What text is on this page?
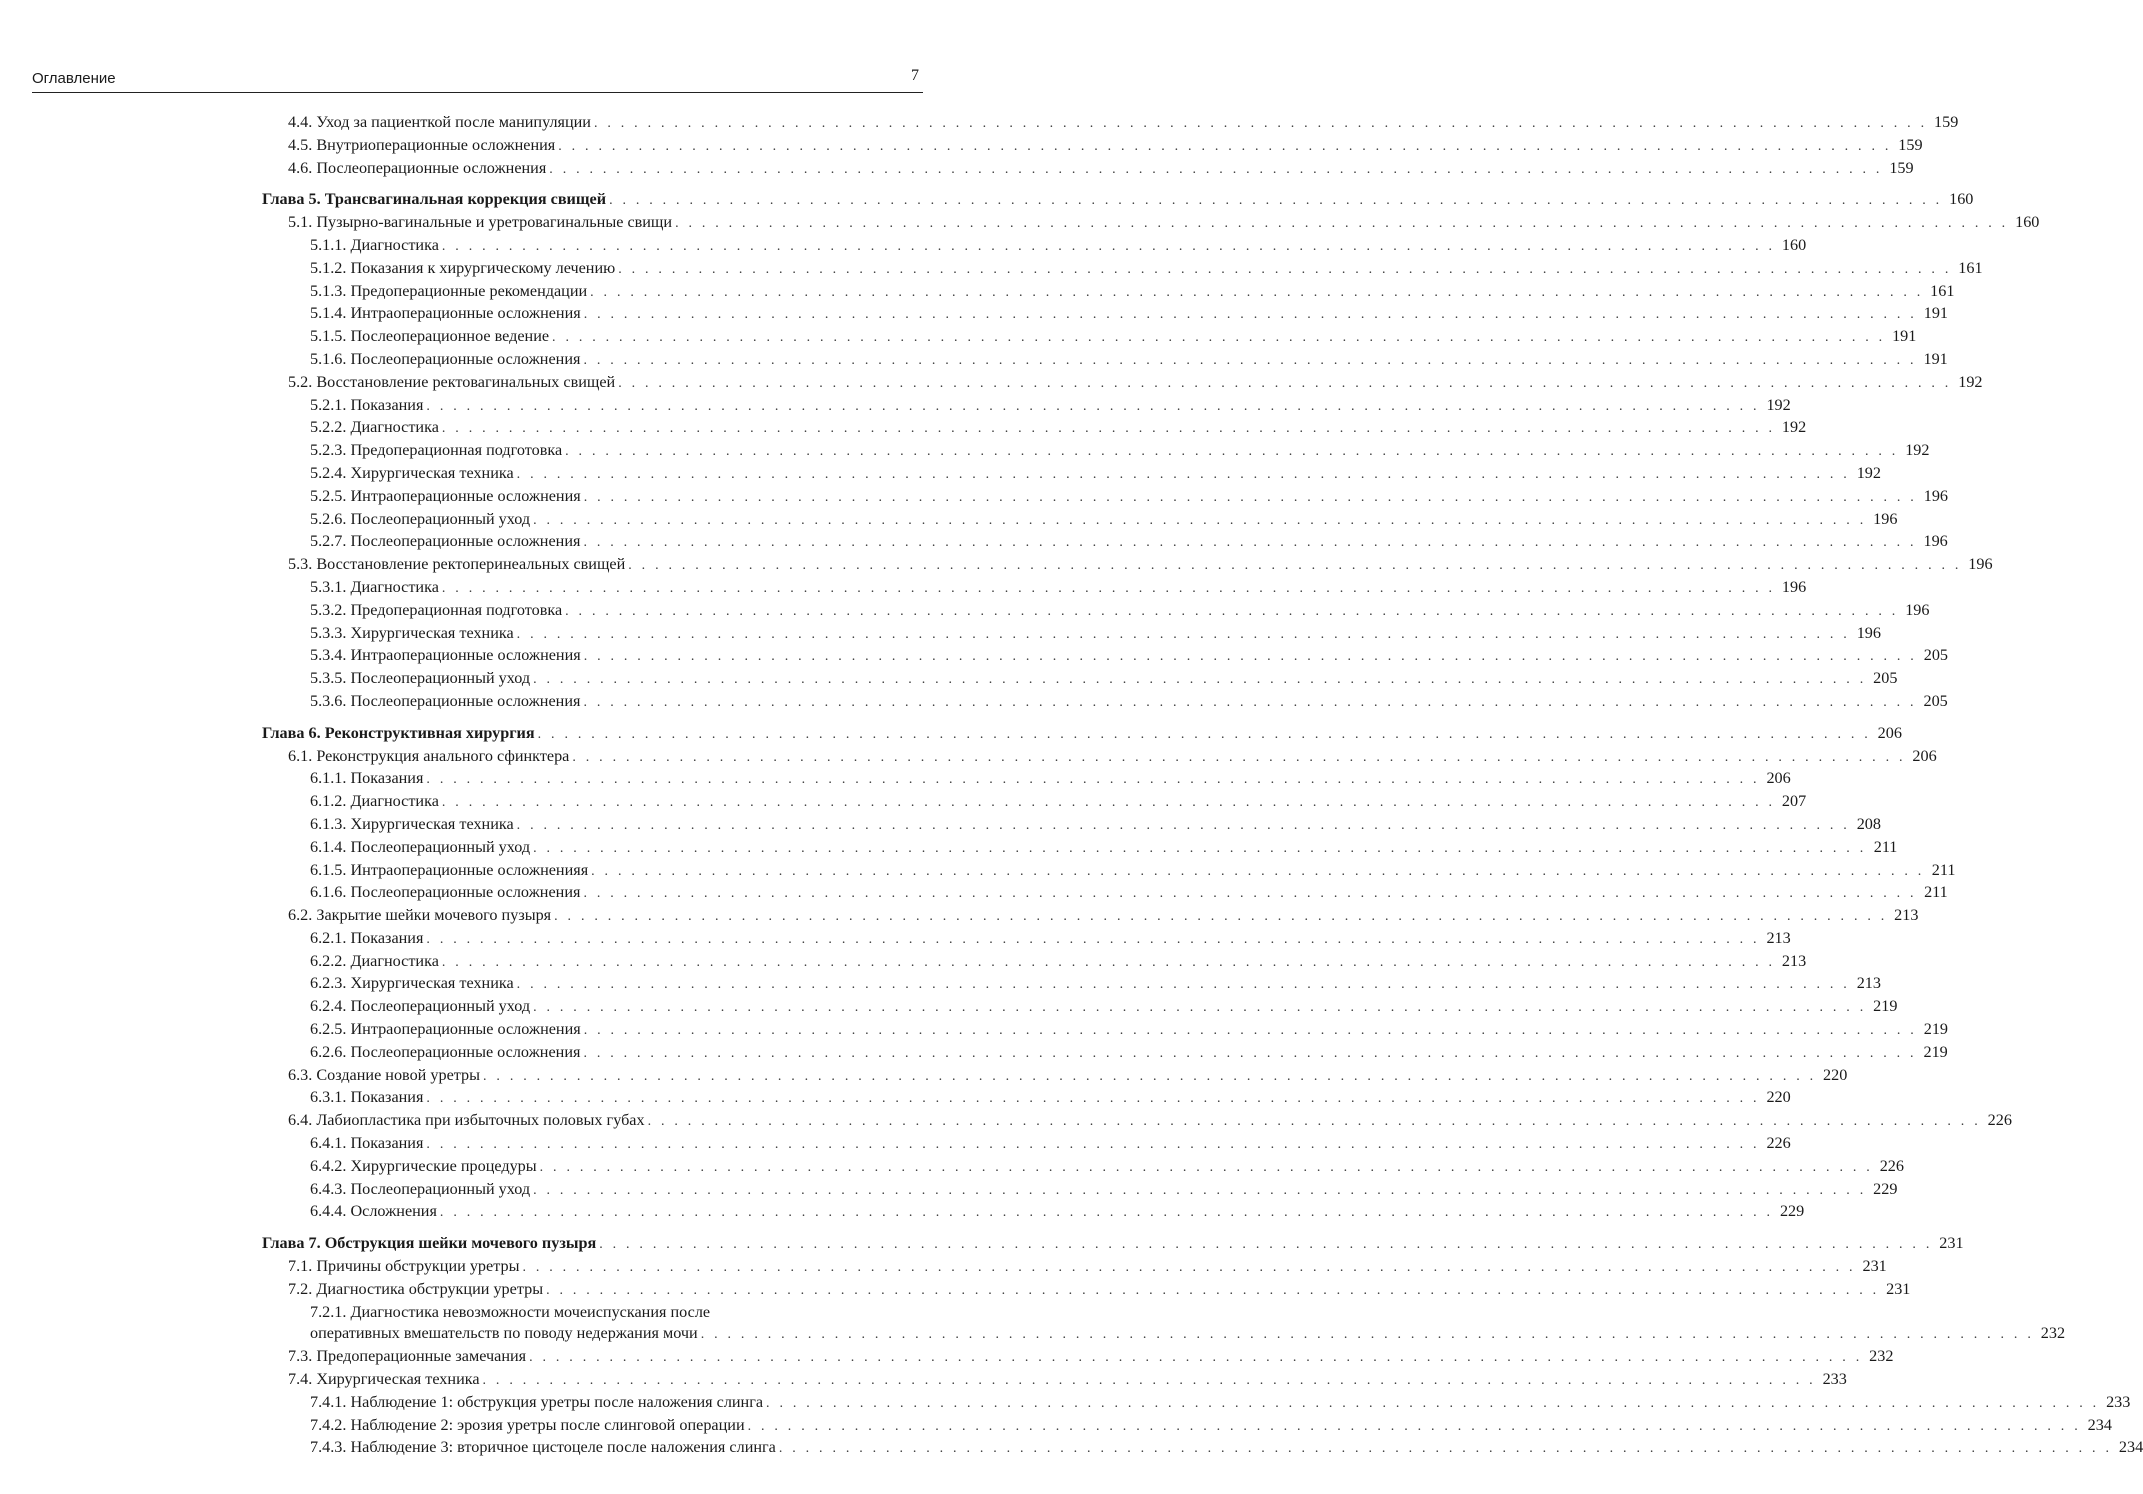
Оглавление	7
4.4. Уход за пациенткой после манипуляции . . .	159
4.5. Внутриоперационные осложнения . . .	159
4.6. Послеоперационные осложнения . . .	159
Глава 5. Трансвагинальная коррекция свищей . . .	160
5.1. Пузырно-вагинальные и уретровагинальные свищи . . .	160
5.1.1. Диагностика . . .	160
5.1.2. Показания к хирургическому лечению . . .	161
5.1.3. Предоперационные рекомендации . . .	161
5.1.4. Интраоперационные осложнения . . .	191
5.1.5. Послеоперационное ведение . . .	191
5.1.6. Послеоперационные осложнения . . .	191
5.2. Восстановление ректовагинальных свищей . . .	192
5.2.1. Показания . . .	192
5.2.2. Диагностика . . .	192
5.2.3. Предоперационная подготовка . . .	192
5.2.4. Хирургическая техника . . .	192
5.2.5. Интраоперационные осложнения . . .	196
5.2.6. Послеоперационный уход . . .	196
5.2.7. Послеоперационные осложнения . . .	196
5.3. Восстановление ректоперинеальных свищей . . .	196
5.3.1. Диагностика . . .	196
5.3.2. Предоперационная подготовка . . .	196
5.3.3. Хирургическая техника . . .	196
5.3.4. Интраоперационные осложнения . . .	205
5.3.5. Послеоперационный уход . . .	205
5.3.6. Послеоперационные осложнения . . .	205
Глава 6. Реконструктивная хирургия . . .	206
6.1. Реконструкция анального сфинктера . . .	206
6.1.1. Показания . . .	206
6.1.2. Диагностика . . .	207
6.1.3. Хирургическая техника . . .	208
6.1.4. Послеоперационный уход . . .	211
6.1.5. Интраоперационные осложненияя . . .	211
6.1.6. Послеоперационные осложнения . . .	211
6.2. Закрытие шейки мочевого пузыря . . .	213
6.2.1. Показания . . .	213
6.2.2. Диагностика . . .	213
6.2.3. Хирургическая техника . . .	213
6.2.4. Послеоперационный уход . . .	219
6.2.5. Интраоперационные осложнения . . .	219
6.2.6. Послеоперационные осложнения . . .	219
6.3. Создание новой уретры . . .	220
6.3.1. Показания . . .	220
6.4. Лабиопластика при избыточных половых губах . . .	226
6.4.1. Показания . . .	226
6.4.2. Хирургические процедуры . . .	226
6.4.3. Послеоперационный уход . . .	229
6.4.4. Осложнения . . .	229
Глава 7. Обструкция шейки мочевого пузыря . . .	231
7.1. Причины обструкции уретры . . .	231
7.2. Диагностика обструкции уретры . . .	231
7.2.1. Диагностика невозможности мочеиспускания после
оперативных вмешательств по поводу недержания мочи . . .	232
7.3. Предоперационные замечания . . .	232
7.4. Хирургическая техника . . .	233
7.4.1. Наблюдение 1: обструкция уретры после наложения слинга . . .	233
7.4.2. Наблюдение 2: эрозия уретры после слинговой операции . . .	234
7.4.3. Наблюдение 3: вторичное цистоцеле после наложения слинга . . .	234
